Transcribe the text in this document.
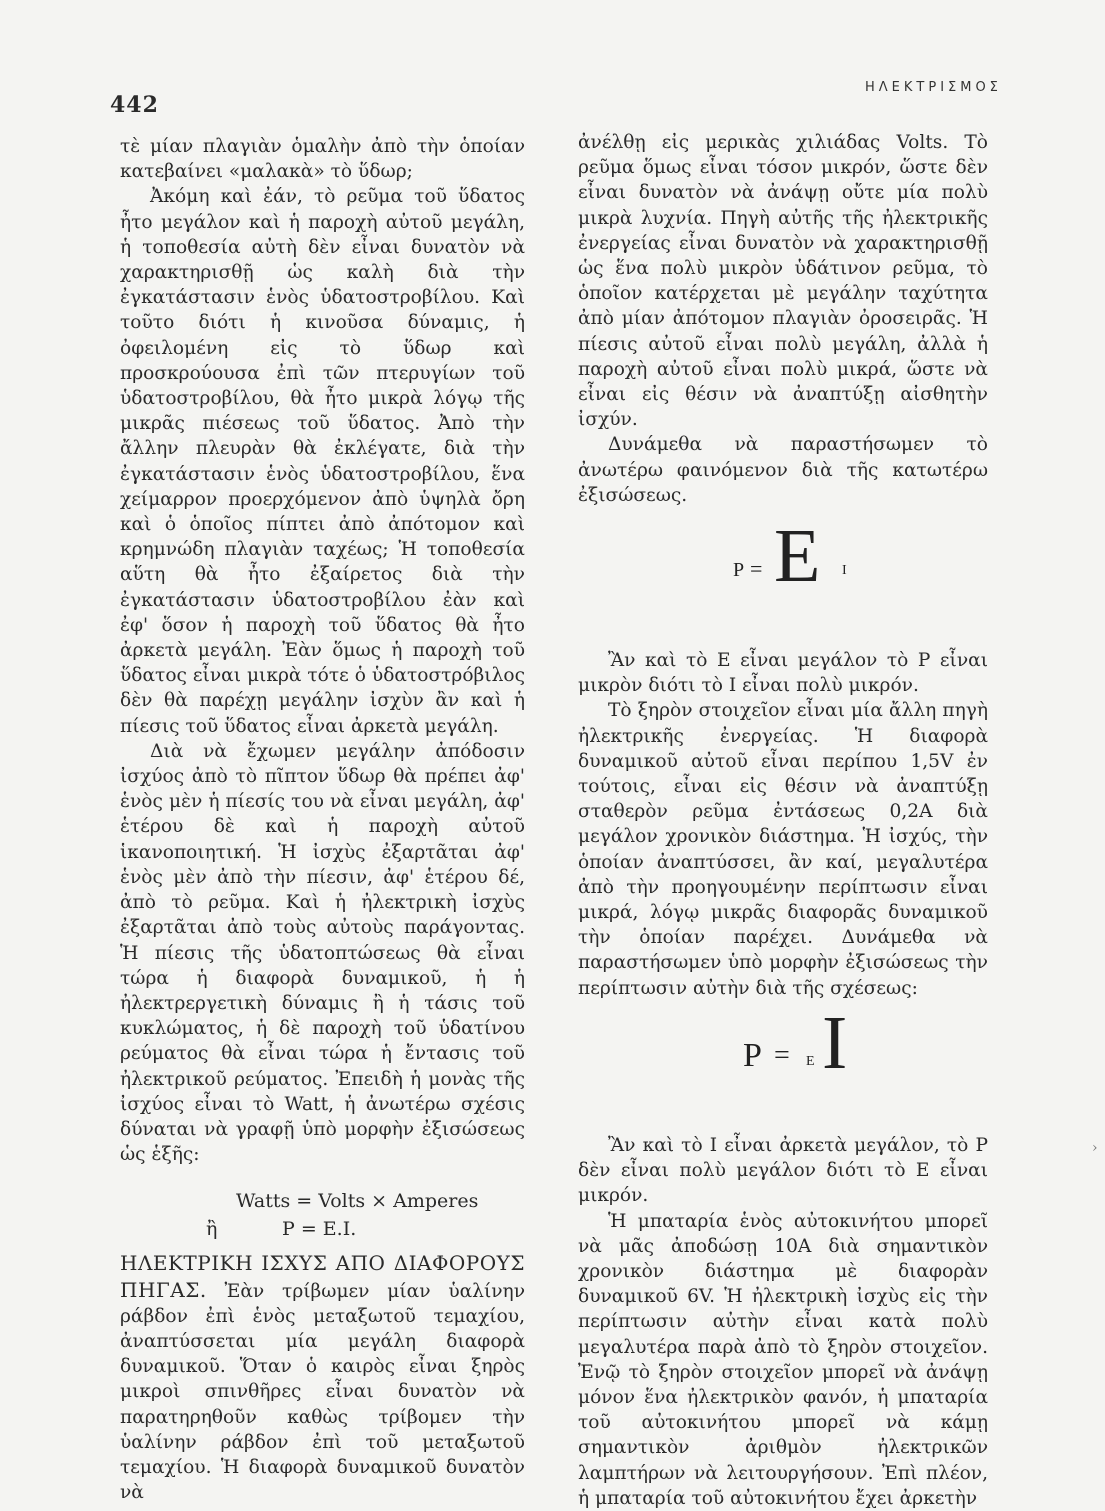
442
ΗΛΕΚΤΡΙΣΜΟΣ

τὲ μίαν πλαγιὰν ὁμαλὴν ἀπὸ τὴν ὁποίαν κατεβαίνει «μαλακὰ» τὸ ὕδωρ;

Ἀκόμη καὶ ἐάν, τὸ ρεῦμα τοῦ ὕδατος ἦτο μεγάλον καὶ ἡ παροχὴ αὐτοῦ μεγάλη, ἡ τοποθεσία αὐτὴ δὲν εἶναι δυνατὸν νὰ χαρακτηρισθῇ ὡς καλὴ διὰ τὴν ἐγκατάστασιν ἑνὸς ὑδατοστροβίλου. Καὶ τοῦτο διότι ἡ κινοῦσα δύναμις, ἡ ὀφειλομένη εἰς τὸ ὕδωρ καὶ προσκρούουσα ἐπὶ τῶν πτερυγίων τοῦ ὑδατοστροβίλου, θὰ ἦτο μικρὰ λόγῳ τῆς μικρᾶς πιέσεως τοῦ ὕδατος. Ἀπὸ τὴν ἄλλην πλευρὰν θὰ ἐκλέγατε, διὰ τὴν ἐγκατάστασιν ἑνὸς ὑδατοστροβίλου, ἕνα χείμαρρον προερχόμενον ἀπὸ ὑψηλὰ ὄρη καὶ ὁ ὁποῖος πίπτει ἀπὸ ἀπότομον καὶ κρημνώδη πλαγιὰν ταχέως; Ἡ τοποθεσία αὕτη θὰ ἦτο ἐξαίρετος διὰ τὴν ἐγκατάστασιν ὑδατοστροβίλου ἐὰν καὶ ἐφ' ὅσον ἡ παροχὴ τοῦ ὕδατος θὰ ἦτο ἀρκετὰ μεγάλη. Ἐὰν ὅμως ἡ παροχὴ τοῦ ὕδατος εἶναι μικρὰ τότε ὁ ὑδατοστρόβιλος δὲν θὰ παρέχῃ μεγάλην ἰσχὺν ἂν καὶ ἡ πίεσις τοῦ ὕδατος εἶναι ἀρκετὰ μεγάλη.

Διὰ νὰ ἔχωμεν μεγάλην ἀπόδοσιν ἰσχύος ἀπὸ τὸ πῖπτον ὕδωρ θὰ πρέπει ἀφ' ἑνὸς μὲν ἡ πίεσίς του νὰ εἶναι μεγάλη, ἀφ' ἑτέρου δὲ καὶ ἡ παροχὴ αὐτοῦ ἱκανοποιητική. Ἡ ἰσχὺς ἐξαρτᾶται ἀφ' ἑνὸς μὲν ἀπὸ τὴν πίεσιν, ἀφ' ἑτέρου δέ, ἀπὸ τὸ ρεῦμα. Καὶ ἡ ἠλεκτρικὴ ἰσχὺς ἐξαρτᾶται ἀπὸ τοὺς αὐτοὺς παράγοντας. Ἡ πίεσις τῆς ὑδατοπτώσεως θὰ εἶναι τώρα ἡ διαφορὰ δυναμικοῦ, ἡ ἡ ἠλεκτρεργετικὴ δύναμις ἢ ἡ τάσις τοῦ κυκλώματος, ἡ δὲ παροχὴ τοῦ ὑδατίνου ρεύματος θὰ εἶναι τώρα ἡ ἔντασις τοῦ ἠλεκτρικοῦ ρεύματος. Ἐπειδὴ ἡ μονὰς τῆς ἰσχύος εἶναι τὸ Watt, ἡ ἀνωτέρω σχέσις δύναται νὰ γραφῇ ὑπὸ μορφὴν ἐξισώσεως ὡς ἑξῆς:

Watts = Volts × Amperes
ἢ	P = E.I.

ΗΛΕΚΤΡΙΚΗ ΙΣΧΥΣ ΑΠΟ ΔΙΑΦΟΡΟΥΣ ΠΗΓΑΣ. Ἐὰν τρίβωμεν μίαν ὑαλίνην ράβδον ἐπὶ ἑνὸς μεταξωτοῦ τεμαχίου, ἀναπτύσσεται μία μεγάλη διαφορὰ δυναμικοῦ. Ὅταν ὁ καιρὸς εἶναι ξηρὸς μικροὶ σπινθῆρες εἶναι δυνατὸν νὰ παρατηρηθοῦν καθὼς τρίβομεν τὴν ὑαλίνην ράβδον ἐπὶ τοῦ μεταξωτοῦ τεμαχίου. Ἡ διαφορὰ δυναμικοῦ δυνατὸν νὰ

ἀνέλθῃ εἰς μερικὰς χιλιάδας Volts. Τὸ ρεῦμα ὅμως εἶναι τόσον μικρόν, ὥστε δὲν εἶναι δυνατὸν νὰ ἀνάψῃ οὔτε μία πολὺ μικρὰ λυχνία. Πηγὴ αὐτῆς τῆς ἠλεκτρικῆς ἐνεργείας εἶναι δυνατὸν νὰ χαρακτηρισθῇ ὡς ἕνα πολὺ μικρὸν ὑδάτινον ρεῦμα, τὸ ὁποῖον κατέρχεται μὲ μεγάλην ταχύτητα ἀπὸ μίαν ἀπότομον πλαγιὰν ὀροσειρᾶς. Ἡ πίεσις αὐτοῦ εἶναι πολὺ μεγάλη, ἀλλὰ ἡ παροχὴ αὐτοῦ εἶναι πολὺ μικρά, ὥστε νὰ εἶναι εἰς θέσιν νὰ ἀναπτύξῃ αἰσθητὴν ἰσχύν.

Δυνάμεθα νὰ παραστήσωμεν τὸ ἀνωτέρω φαινόμενον διὰ τῆς κατωτέρω ἐξισώσεως.

P = E I

Ἂν καὶ τὸ E εἶναι μεγάλον τὸ P εἶναι μικρὸν διότι τὸ I εἶναι πολὺ μικρόν.

Τὸ ξηρὸν στοιχεῖον εἶναι μία ἄλλη πηγὴ ἠλεκτρικῆς ἐνεργείας. Ἡ διαφορὰ δυναμικοῦ αὐτοῦ εἶναι περίπου 1,5V ἐν τούτοις, εἶναι εἰς θέσιν νὰ ἀναπτύξῃ σταθερὸν ρεῦμα ἐντάσεως 0,2A διὰ μεγάλον χρονικὸν διάστημα. Ἡ ἰσχύς, τὴν ὁποίαν ἀναπτύσσει, ἂν καί, μεγαλυτέρα ἀπὸ τὴν προηγουμένην περίπτωσιν εἶναι μικρά, λόγῳ μικρᾶς διαφορᾶς δυναμικοῦ τὴν ὁποίαν παρέχει. Δυνάμεθα νὰ παραστήσωμεν ὑπὸ μορφὴν ἐξισώσεως τὴν περίπτωσιν αὐτὴν διὰ τῆς σχέσεως:

P = E I

Ἂν καὶ τὸ I εἶναι ἀρκετὰ μεγάλον, τὸ P δὲν εἶναι πολὺ μεγάλον διότι τὸ E εἶναι μικρόν.

Ἡ μπαταρία ἑνὸς αὐτοκινήτου μπορεῖ νὰ μᾶς ἀποδώσῃ 10A διὰ σημαντικὸν χρονικὸν διάστημα μὲ διαφορὰν δυναμικοῦ 6V. Ἡ ἠλεκτρικὴ ἰσχὺς εἰς τὴν περίπτωσιν αὐτὴν εἶναι κατὰ πολὺ μεγαλυτέρα παρὰ ἀπὸ τὸ ξηρὸν στοιχεῖον. Ἐνῷ τὸ ξηρὸν στοιχεῖον μπορεῖ νὰ ἀνάψῃ μόνον ἕνα ἠλεκτρικὸν φανόν, ἡ μπαταρία τοῦ αὐτοκινήτου μπορεῖ νὰ κάμῃ σημαντικὸν ἀριθμὸν ἠλεκτρικῶν λαμπτήρων νὰ λειτουργήσουν. Ἐπὶ πλέον, ἡ μπαταρία τοῦ αὐτοκινήτου ἔχει ἀρκετὴν

›
